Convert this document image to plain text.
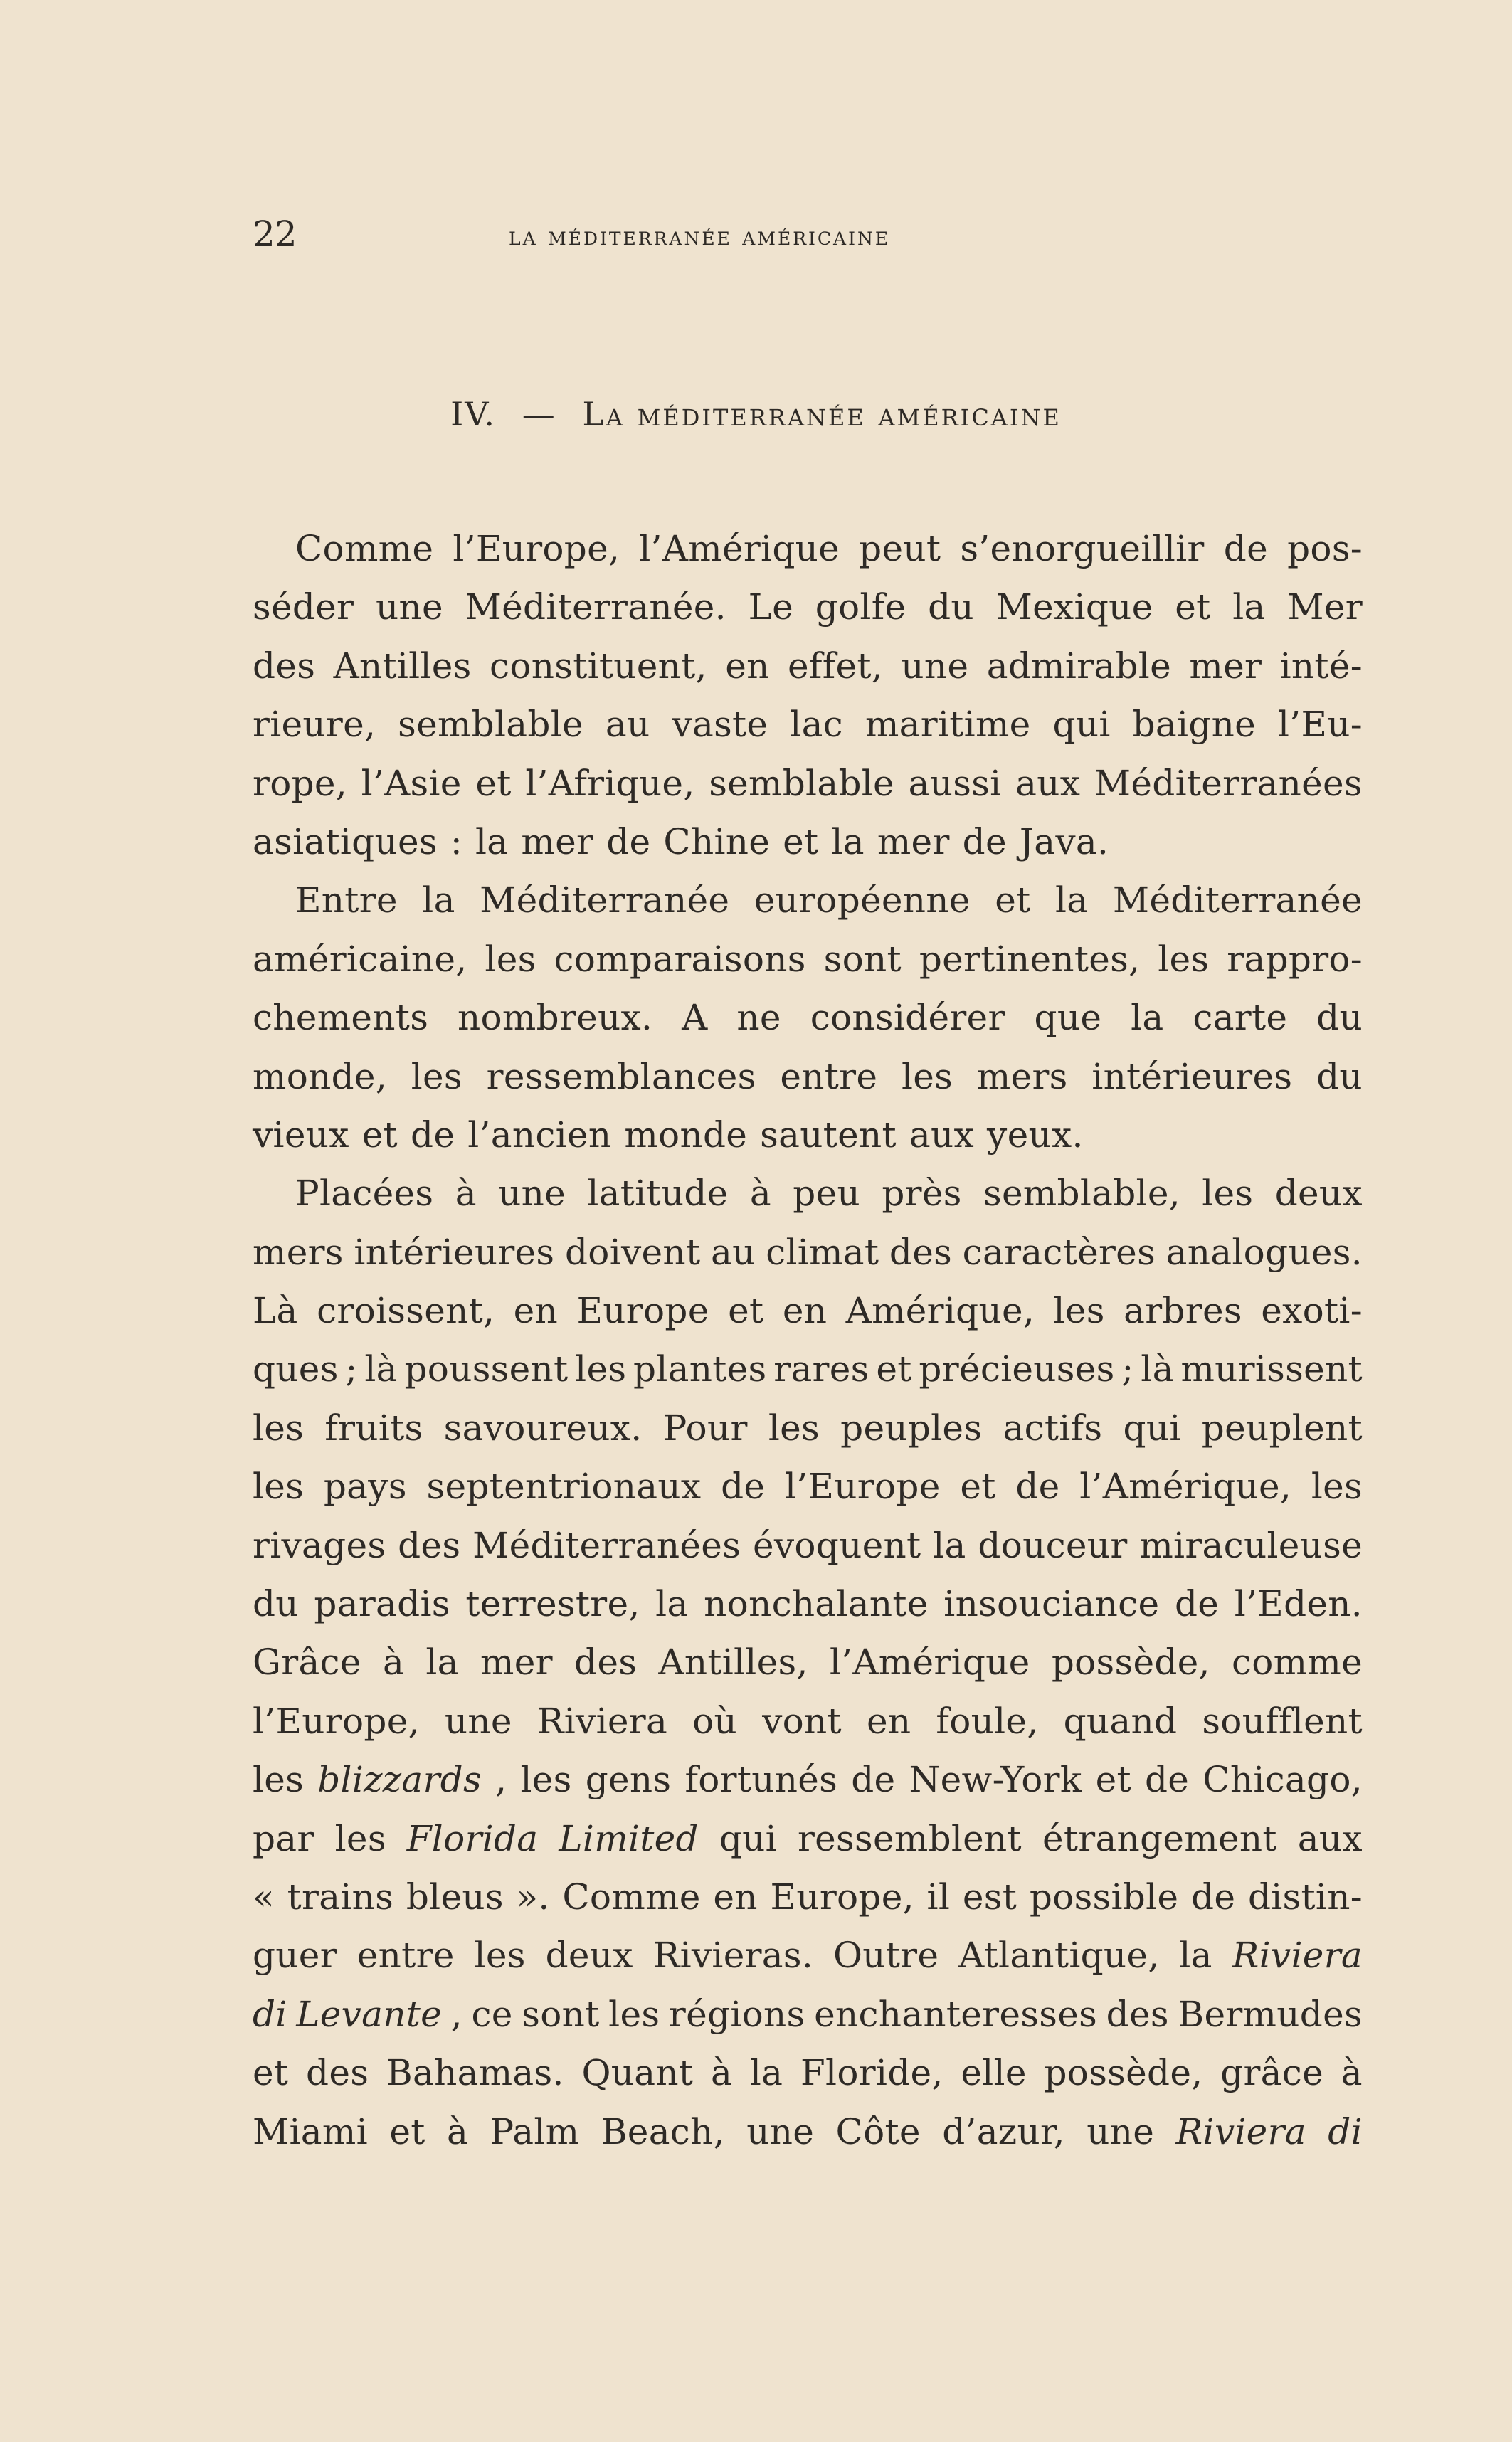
22	la méditerranée américaine
IV. — La méditerranée américaine
Comme l’Europe, l’Amérique peut s’enorgueillir de pos-
séder une Méditerranée. Le golfe du Mexique et la Mer
des Antilles constituent, en effet, une admirable mer inté-
rieure, semblable au vaste lac maritime qui baigne l’Eu-
rope, l’Asie et l’Afrique, semblable aussi aux Méditerranées
asiatiques : la mer de Chine et la mer de Java.
Entre la Méditerranée européenne et la Méditerranée
américaine, les comparaisons sont pertinentes, les rappro-
chements nombreux. A ne considérer que la carte du
monde, les ressemblances entre les mers intérieures du
vieux et de l’ancien monde sautent aux yeux.
Placées à une latitude à peu près semblable, les deux
mers intérieures doivent au climat des caractères analogues.
Là croissent, en Europe et en Amérique, les arbres exoti-
ques ; là poussent les plantes rares et précieuses ; là murissent
les fruits savoureux. Pour les peuples actifs qui peuplent
les pays septentrionaux de l’Europe et de l’Amérique, les
rivages des Méditerranées évoquent la douceur miraculeuse
du paradis terrestre, la nonchalante insouciance de l’Eden.
Grâce à la mer des Antilles, l’Amérique possède, comme
l’Europe, une Riviera où vont en foule, quand soufflent
les blizzards , les gens fortunés de New-York et de Chicago,
par les Florida Limited qui ressemblent étrangement aux
« trains bleus ». Comme en Europe, il est possible de distin-
guer entre les deux Rivieras. Outre Atlantique, la Riviera
di Levante , ce sont les régions enchanteresses des Bermudes
et des Bahamas. Quant à la Floride, elle possède, grâce à
Miami et à Palm Beach, une Côte d’azur, une Riviera di
